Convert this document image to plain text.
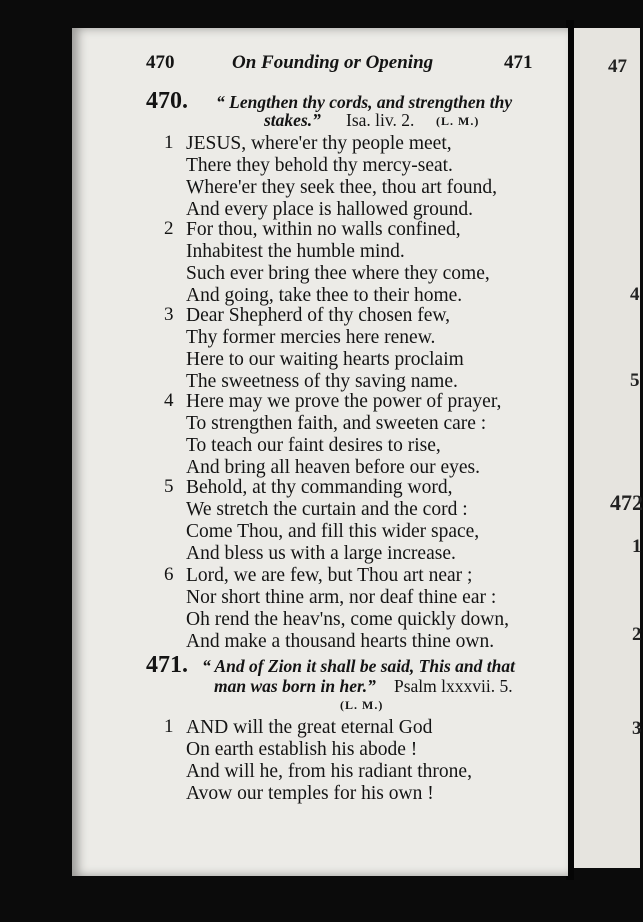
47
4
5
472
1
2
3
470	On Founding or Opening	471
470. “ Lengthen thy cords, and strengthen thy
stakes.” Isa. liv. 2. (L. M.)
1 JESUS, where'er thy people meet,
There they behold thy mercy-seat.
Where'er they seek thee, thou art found,
And every place is hallowed ground.
2 For thou, within no walls confined,
Inhabitest the humble mind.
Such ever bring thee where they come,
And going, take thee to their home.
3 Dear Shepherd of thy chosen few,
Thy former mercies here renew.
Here to our waiting hearts proclaim
The sweetness of thy saving name.
4 Here may we prove the power of prayer,
To strengthen faith, and sweeten care :
To teach our faint desires to rise,
And bring all heaven before our eyes.
5 Behold, at thy commanding word,
We stretch the curtain and the cord :
Come Thou, and fill this wider space,
And bless us with a large increase.
6 Lord, we are few, but Thou art near ;
Nor short thine arm, nor deaf thine ear :
Oh rend the heav'ns, come quickly down,
And make a thousand hearts thine own.
471. “ And of Zion it shall be said, This and that
man was born in her.” Psalm lxxxvii. 5.
(L. M.)
1 AND will the great eternal God
On earth establish his abode !
And will he, from his radiant throne,
Avow our temples for his own !
